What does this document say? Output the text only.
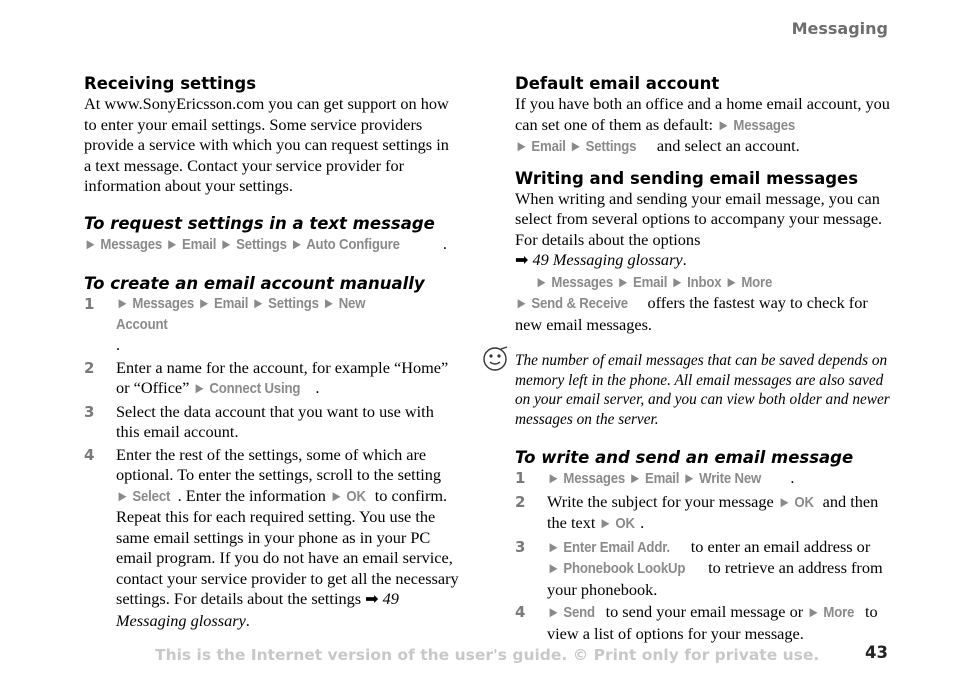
Messaging
Receiving settings

At www.SonyEricsson.com you can get support on how to enter your email settings. Some service providers provide a service with which you can request settings in a text message. Contact your service provider for information about your settings.

To request settings in a text message

► Messages ► Email ► Settings ► Auto Configure	.

To create an email account manually
1 ► Messages ► Email ► Settings ► New Account.
2 Enter a name for the account, for example “Home” or “Office” ► Connect Using .
3 Select the data account that you want to use with this email account.
4 Enter the rest of the settings, some of which are optional. To enter the settings, scroll to the setting ► Select . Enter the information ► OK to confirm. Repeat this for each required setting. You use the same email settings in your phone as in your PC email program. If you do not have an email service, contact your service provider to get all the necessary settings. For details about the settings ➡ 49 Messaging glossary.
Default email account

If you have both an office and a home email account, you can set one of them as default: ► Messages
► Email ► Settings and select an account.

Writing and sending email messages

When writing and sending your email message, you can select from several options to accompany your message. For details about the options
➡ 49 Messaging glossary.
► Messages ► Email ► Inbox ► More
► Send & Receive offers the fastest way to check for new email messages.

The number of email messages that can be saved depends on memory left in the phone. All email messages are also saved on your email server, and you can view both older and newer messages on the server.

To write and send an email message
1 ► Messages ► Email ► Write New .
2 Write the subject for your message ► OK and then the text ► OK .
3 ► Enter Email Addr. to enter an email address or ► Phonebook LookUp to retrieve an address from your phonebook.
4 ► Send to send your email message or ► More to view a list of options for your message.
This is the Internet version of the user's guide. © Print only for private use.	43
